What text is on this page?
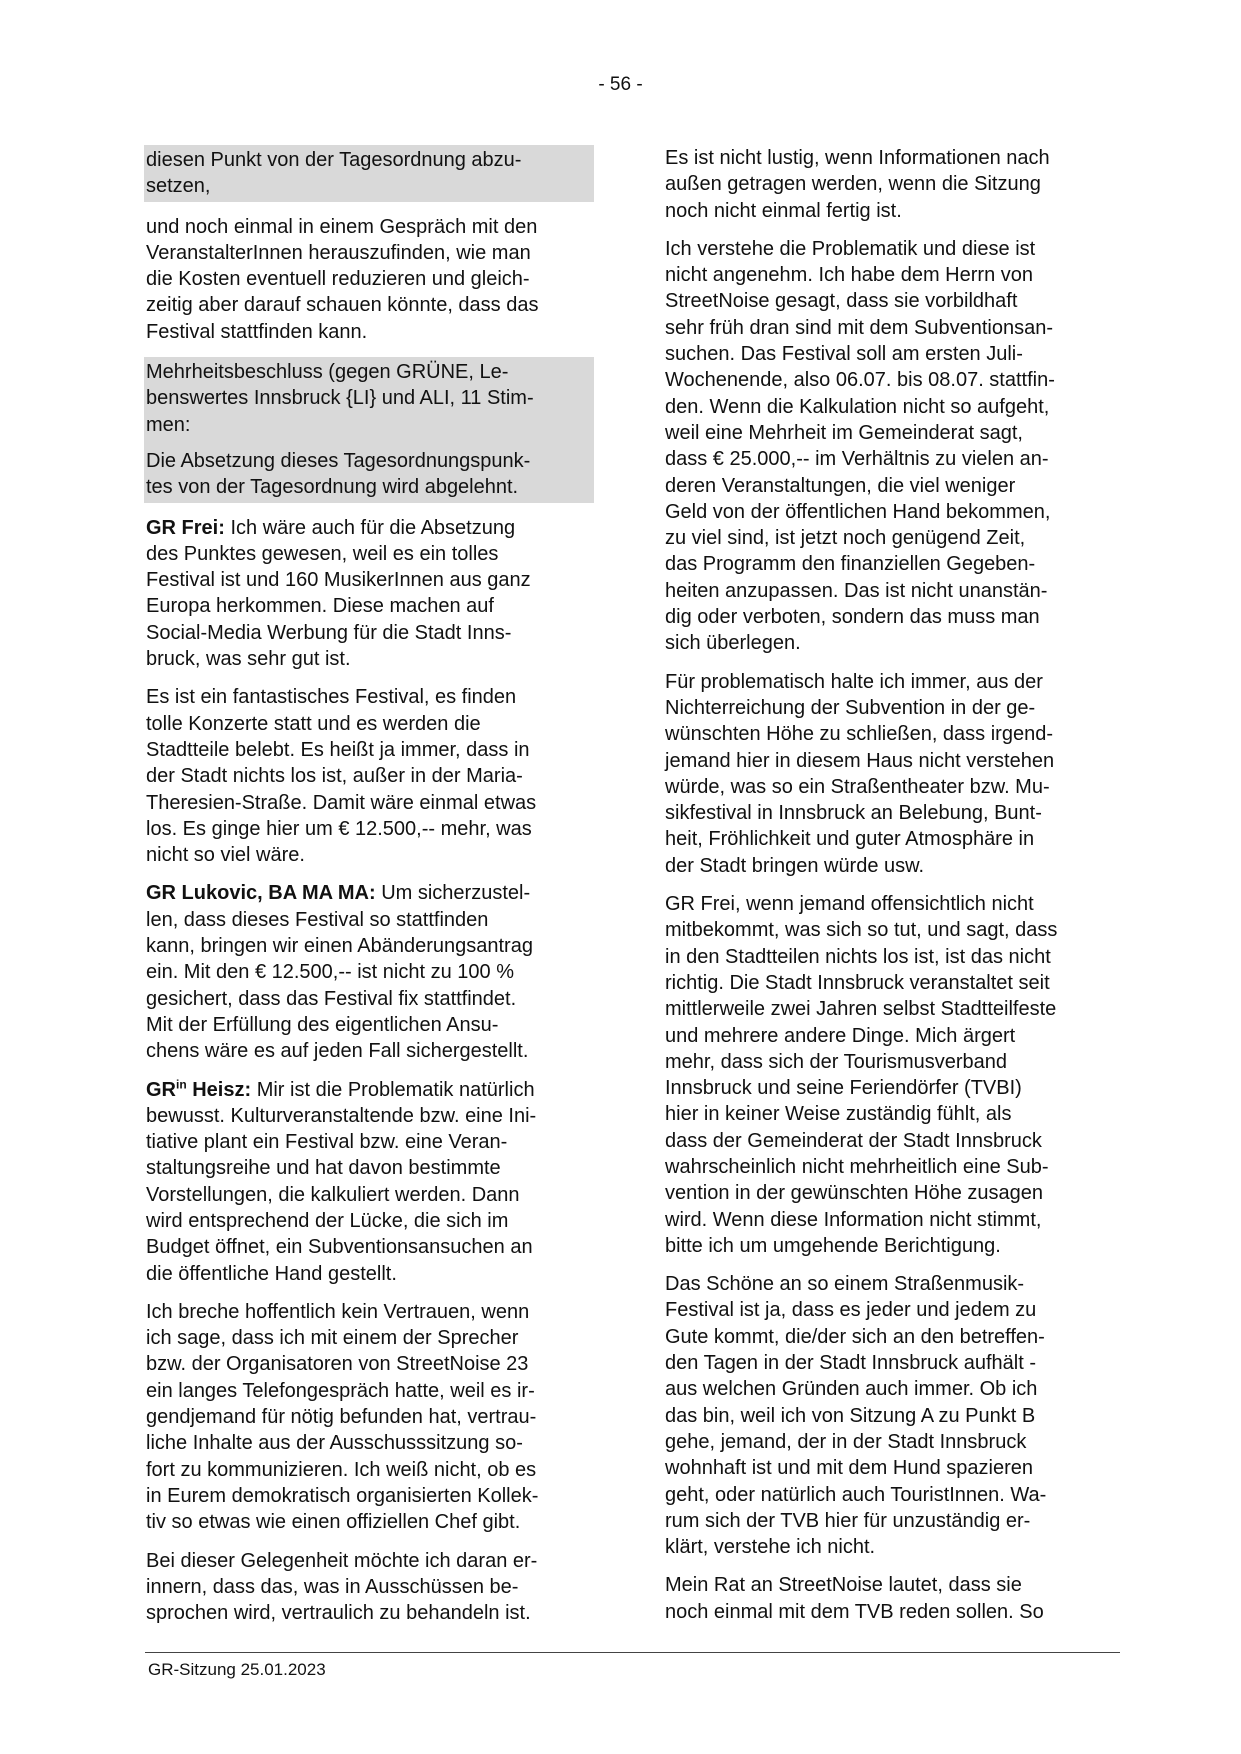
- 56 -
diesen Punkt von der Tagesordnung abzu-
setzen,
und noch einmal in einem Gespräch mit den
VeranstalterInnen herauszufinden, wie man
die Kosten eventuell reduzieren und gleich-
zeitig aber darauf schauen könnte, dass das
Festival stattfinden kann.
Mehrheitsbeschluss (gegen GRÜNE, Le-
benswertes Innsbruck {LI} und ALI, 11 Stim-
men:
Die Absetzung dieses Tagesordnungspunk-
tes von der Tagesordnung wird abgelehnt.
GR Frei: Ich wäre auch für die Absetzung
des Punktes gewesen, weil es ein tolles
Festival ist und 160 MusikerInnen aus ganz
Europa herkommen. Diese machen auf
Social-Media Werbung für die Stadt Inns-
bruck, was sehr gut ist.
Es ist ein fantastisches Festival, es finden
tolle Konzerte statt und es werden die
Stadtteile belebt. Es heißt ja immer, dass in
der Stadt nichts los ist, außer in der Maria-
Theresien-Straße. Damit wäre einmal etwas
los. Es ginge hier um € 12.500,-- mehr, was
nicht so viel wäre.
GR Lukovic, BA MA MA: Um sicherzustel-
len, dass dieses Festival so stattfinden
kann, bringen wir einen Abänderungsantrag
ein. Mit den € 12.500,-- ist nicht zu 100 %
gesichert, dass das Festival fix stattfindet.
Mit der Erfüllung des eigentlichen Ansu-
chens wäre es auf jeden Fall sichergestellt.
$GR^{in}$ Heisz: Mir ist die Problematik natürlich
bewusst. Kulturveranstaltende bzw. eine Ini-
tiative plant ein Festival bzw. eine Veran-
staltungsreihe und hat davon bestimmte
Vorstellungen, die kalkuliert werden. Dann
wird entsprechend der Lücke, die sich im
Budget öffnet, ein Subventionsansuchen an
die öffentliche Hand gestellt.
Ich breche hoffentlich kein Vertrauen, wenn
ich sage, dass ich mit einem der Sprecher
bzw. der Organisatoren von StreetNoise 23
ein langes Telefongespräch hatte, weil es ir-
gendjemand für nötig befunden hat, vertrau-
liche Inhalte aus der Ausschusssitzung so-
fort zu kommunizieren. Ich weiß nicht, ob es
in Eurem demokratisch organisierten Kollek-
tiv so etwas wie einen offiziellen Chef gibt.
Bei dieser Gelegenheit möchte ich daran er-
innern, dass das, was in Ausschüssen be-
sprochen wird, vertraulich zu behandeln ist.
Es ist nicht lustig, wenn Informationen nach
außen getragen werden, wenn die Sitzung
noch nicht einmal fertig ist.
Ich verstehe die Problematik und diese ist
nicht angenehm. Ich habe dem Herrn von
StreetNoise gesagt, dass sie vorbildhaft
sehr früh dran sind mit dem Subventionsan-
suchen. Das Festival soll am ersten Juli-
Wochenende, also 06.07. bis 08.07. stattfin-
den. Wenn die Kalkulation nicht so aufgeht,
weil eine Mehrheit im Gemeinderat sagt,
dass € 25.000,-- im Verhältnis zu vielen an-
deren Veranstaltungen, die viel weniger
Geld von der öffentlichen Hand bekommen,
zu viel sind, ist jetzt noch genügend Zeit,
das Programm den finanziellen Gegeben-
heiten anzupassen. Das ist nicht unanstän-
dig oder verboten, sondern das muss man
sich überlegen.
Für problematisch halte ich immer, aus der
Nichterreichung der Subvention in der ge-
wünschten Höhe zu schließen, dass irgend-
jemand hier in diesem Haus nicht verstehen
würde, was so ein Straßentheater bzw. Mu-
sikfestival in Innsbruck an Belebung, Bunt-
heit, Fröhlichkeit und guter Atmosphäre in
der Stadt bringen würde usw.
GR Frei, wenn jemand offensichtlich nicht
mitbekommt, was sich so tut, und sagt, dass
in den Stadtteilen nichts los ist, ist das nicht
richtig. Die Stadt Innsbruck veranstaltet seit
mittlerweile zwei Jahren selbst Stadtteilfeste
und mehrere andere Dinge. Mich ärgert
mehr, dass sich der Tourismusverband
Innsbruck und seine Feriendörfer (TVBI)
hier in keiner Weise zuständig fühlt, als
dass der Gemeinderat der Stadt Innsbruck
wahrscheinlich nicht mehrheitlich eine Sub-
vention in der gewünschten Höhe zusagen
wird. Wenn diese Information nicht stimmt,
bitte ich um umgehende Berichtigung.
Das Schöne an so einem Straßenmusik-
Festival ist ja, dass es jeder und jedem zu
Gute kommt, die/der sich an den betreffen-
den Tagen in der Stadt Innsbruck aufhält -
aus welchen Gründen auch immer. Ob ich
das bin, weil ich von Sitzung A zu Punkt B
gehe, jemand, der in der Stadt Innsbruck
wohnhaft ist und mit dem Hund spazieren
geht, oder natürlich auch TouristInnen. Wa-
rum sich der TVB hier für unzuständig er-
klärt, verstehe ich nicht.
Mein Rat an StreetNoise lautet, dass sie
noch einmal mit dem TVB reden sollen. So
GR-Sitzung 25.01.2023
